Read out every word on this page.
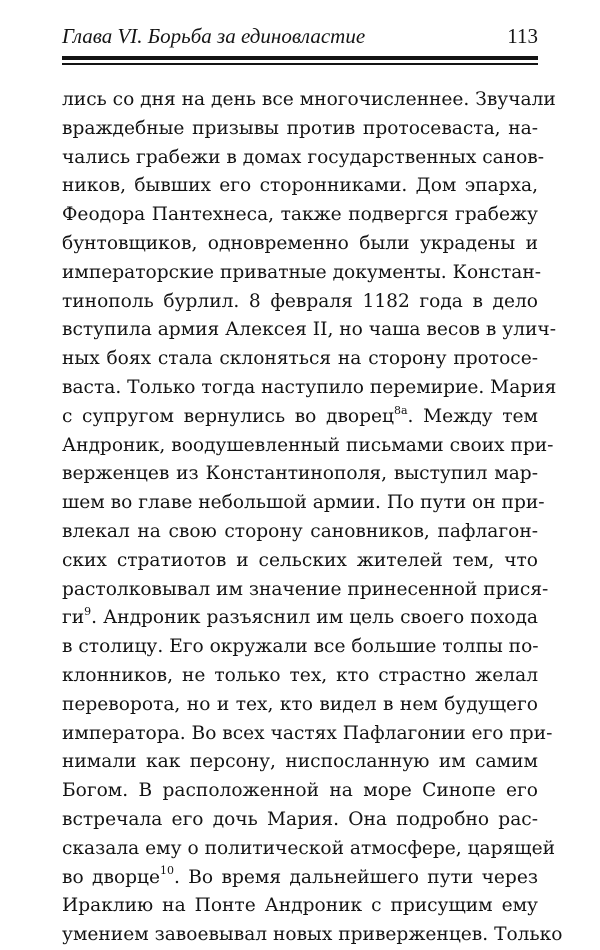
Глава VI. Борьба за единовластие	113
лись со дня на день все многочисленнее. Звучали
враждебные призывы против протосеваста, на-
чались грабежи в домах государственных санов-
ников, бывших его сторонниками. Дом эпарха,
Феодора Пантехнеса, также подвергся грабежу
бунтовщиков, одновременно были украдены и
императорские приватные документы. Констан-
тинополь бурлил. 8 февраля 1182 года в дело
вступила армия Алексея II, но чаша весов в улич-
ных боях стала склоняться на сторону протосе-
васта. Только тогда наступило перемирие. Мария
с супругом вернулись во дворец$^{8а}$. Между тем
Андроник, воодушевленный письмами своих при-
верженцев из Константинополя, выступил мар-
шем во главе небольшой армии. По пути он при-
влекал на свою сторону сановников, пафлагон-
ских стратиотов и сельских жителей тем, что
растолковывал им значение принесенной прися-
ги$^9$. Андроник разъяснил им цель своего похода
в столицу. Его окружали все большие толпы по-
клонников, не только тех, кто страстно желал
переворота, но и тех, кто видел в нем будущего
императора. Во всех частях Пафлагонии его при-
нимали как персону, ниспосланную им самим
Богом. В расположенной на море Синопе его
встречала его дочь Мария. Она подробно рас-
сказала ему о политической атмосфере, царящей
во дворце$^{10}$. Во время дальнейшего пути через
Ираклию на Понте Андроник с присущим ему
умением завоевывал новых приверженцев. Только
